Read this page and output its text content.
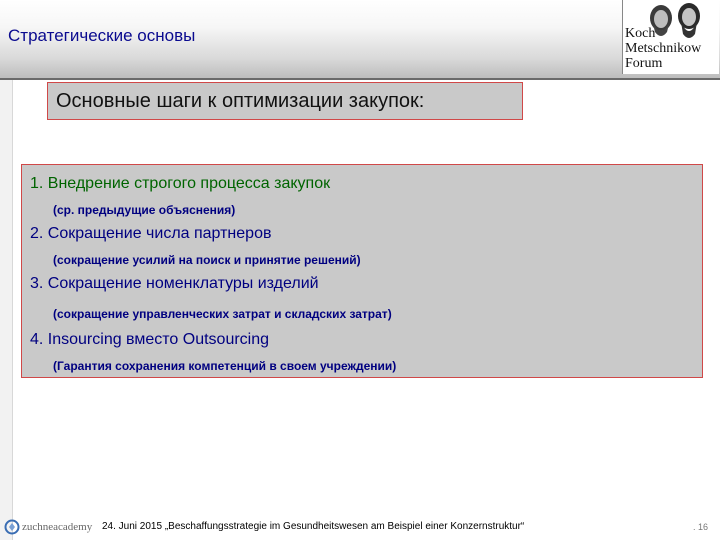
Стратегические основы	Koch
Metschnikow
Forum
Основные шаги к оптимизации закупок:
1. Внедрение строгого процесса закупок
(ср. предыдущие объяснения)
2. Сокращение числа партнеров
(сокращение усилий на поиск и принятие решений)
3. Сокращение номенклатуры изделий
(сокращение управленческих затрат и складских затрат)
4. Insourcing вместо Outsourcing
(Гарантия сохранения компетенций в своем учреждении)
zuchneacademy 24. Juni 2015 „Beschaffungsstrategie im Gesundheitswesen am Beispiel einer Konzernstruktur“	. 16
